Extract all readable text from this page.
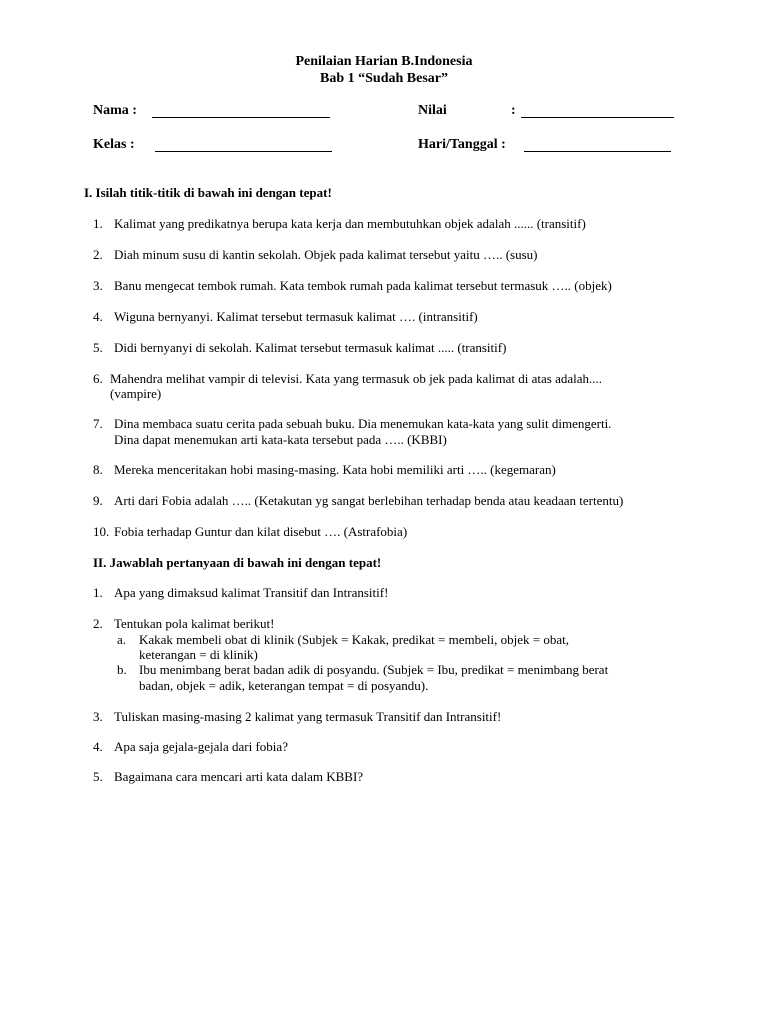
Penilaian Harian B.Indonesia
Bab 1 “Sudah Besar”
Nama :	Nilai	:
Kelas :	Hari/Tanggal :
I. Isilah titik-titik di bawah ini dengan tepat!
1. Kalimat yang predikatnya berupa kata kerja dan membutuhkan objek adalah ...... (transitif)
2. Diah minum susu di kantin sekolah. Objek pada kalimat tersebut yaitu ….. (susu)
3. Banu mengecat tembok rumah. Kata tembok rumah pada kalimat tersebut termasuk ….. (objek)
4. Wiguna bernyanyi. Kalimat tersebut termasuk kalimat …. (intransitif)
5. Didi bernyanyi di sekolah. Kalimat tersebut termasuk kalimat ..... (transitif)
6. Mahendra melihat vampir di televisi. Kata yang termasuk ob jek pada kalimat di atas adalah....
(vampire)
7. Dina membaca suatu cerita pada sebuah buku. Dia menemukan kata-kata yang sulit dimengerti.
Dina dapat menemukan arti kata-kata tersebut pada ….. (KBBI)
8. Mereka menceritakan hobi masing-masing. Kata hobi memiliki arti ….. (kegemaran)
9. Arti dari Fobia adalah ….. (Ketakutan yg sangat berlebihan terhadap benda atau keadaan tertentu)
10. Fobia terhadap Guntur dan kilat disebut …. (Astrafobia)
II. Jawablah pertanyaan di bawah ini dengan tepat!
1. Apa yang dimaksud kalimat Transitif dan Intransitif!
2. Tentukan pola kalimat berikut!
a. Kakak membeli obat di klinik (Subjek = Kakak, predikat = membeli, objek = obat,
keterangan = di klinik)
b. Ibu menimbang berat badan adik di posyandu. (Subjek = Ibu, predikat = menimbang berat
badan, objek = adik, keterangan tempat = di posyandu).
3. Tuliskan masing-masing 2 kalimat yang termasuk Transitif dan Intransitif!
4. Apa saja gejala-gejala dari fobia?
5. Bagaimana cara mencari arti kata dalam KBBI?
